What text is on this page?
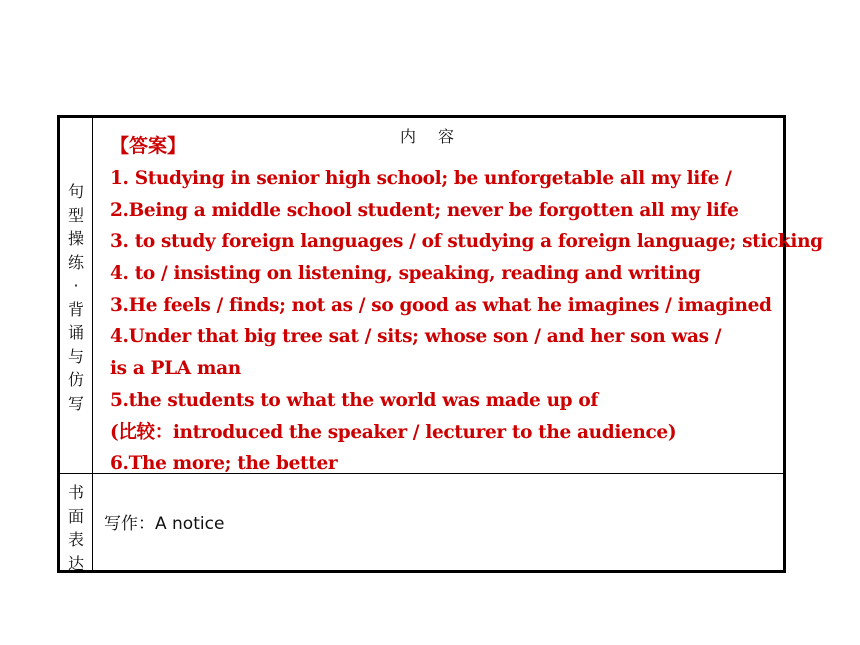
内容
句
型
操
练
·
背
诵
与
仿
写
书
面
表
达
【答案】
1. Studying in senior high school; be unforgetable all my life /
2.Being a middle school student; never be forgotten all my life
3. to study foreign languages / of studying a foreign language; sticking
4. to / insisting on listening, speaking, reading and writing
3.He feels / finds; not as / so good as what he imagines / imagined
4.Under that big tree sat / sits; whose son / and her son was /
is a PLA man
5.the students to what the world was made up of
(比较：introduced the speaker / lecturer to the audience)
6.The more; the better
写作：A notice
